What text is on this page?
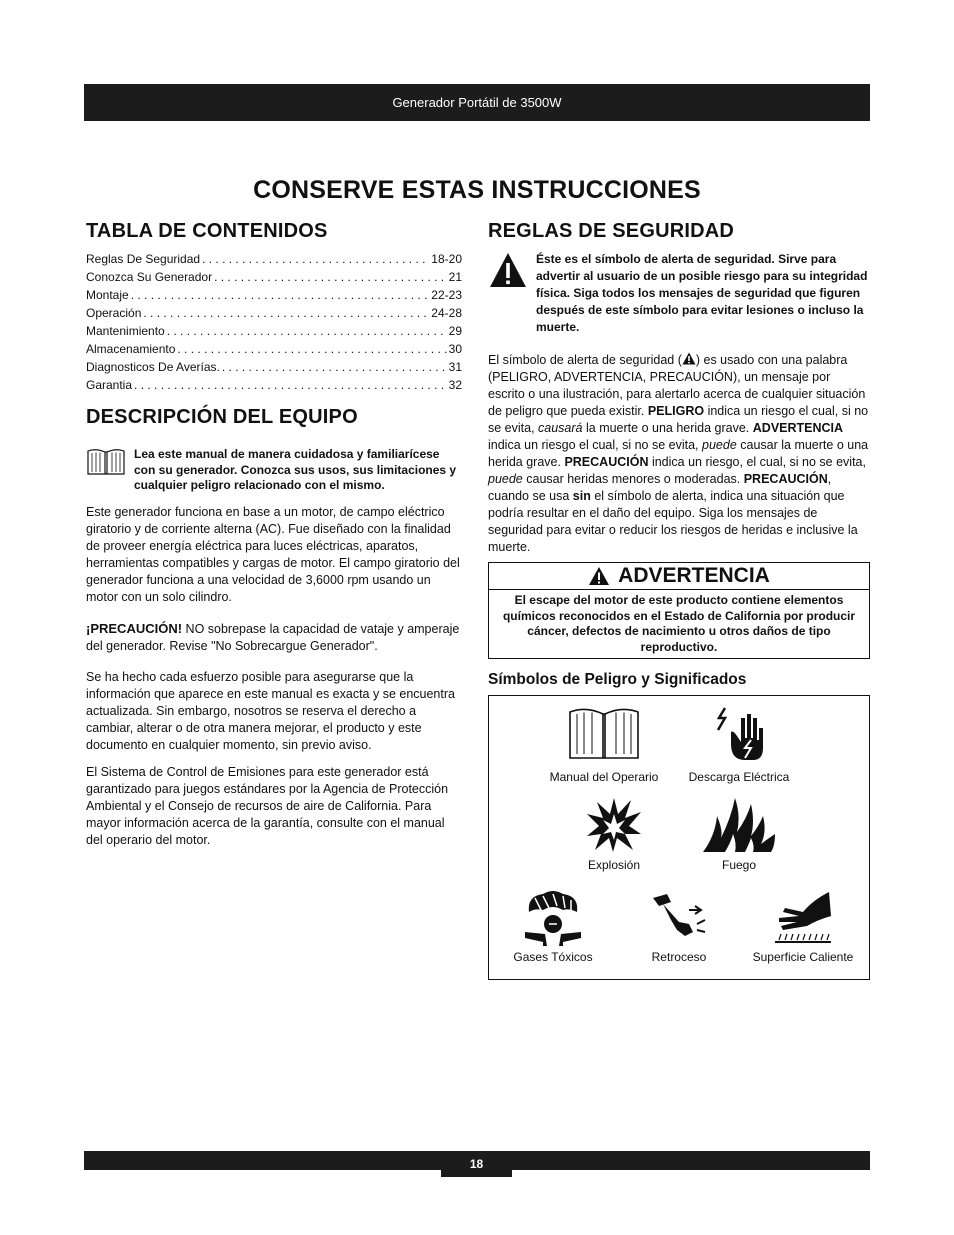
Generador Portátil de 3500W
CONSERVE ESTAS INSTRUCCIONES
TABLA DE CONTENIDOS
Reglas De Seguridad . . .	18-20
Conozca Su Generador . . .	21
Montaje . . .	22-23
Operación . . .	24-28
Mantenimiento . . .	29
Almacenamiento . . .	30
Diagnosticos De Averías. . . .	31
Garantia . . .	32
DESCRIPCIÓN DEL EQUIPO
Lea este manual de manera cuidadosa y familiarícese con su generador. Conozca sus usos, sus limitaciones y cualquier peligro relacionado con el mismo.

Este generador funciona en base a un motor, de campo eléctrico giratorio y de corriente alterna (AC). Fue diseñado con la finalidad de proveer energía eléctrica para luces eléctricas, aparatos, herramientas compatibles y cargas de motor. El campo giratorio del generador funciona a una velocidad de 3,6000 rpm usando un motor con un solo cilindro.

¡PRECAUCIÓN! NO sobrepase la capacidad de vataje y amperaje del generador. Revise "No Sobrecargue Generador".

Se ha hecho cada esfuerzo posible para asegurarse que la información que aparece en este manual es exacta y se encuentra actualizada. Sin embargo, nosotros se reserva el derecho a cambiar, alterar o de otra manera mejorar, el producto y este documento en cualquier momento, sin previo aviso.

El Sistema de Control de Emisiones para este generador está garantizado para juegos estándares por la Agencia de Protección Ambiental y el Consejo de recursos de aire de California. Para mayor información acerca de la garantía, consulte con el manual del operario del motor.

REGLAS DE SEGURIDAD
Éste es el símbolo de alerta de seguridad. Sirve para advertir al usuario de un posible riesgo para su integridad física. Siga todos los mensajes de seguridad que figuren después de este símbolo para evitar lesiones o incluso la muerte.

El símbolo de alerta de seguridad ( ) es usado con una palabra (PELIGRO, ADVERTENCIA, PRECAUCIÓN), un mensaje por escrito o una ilustración, para alertarlo acerca de cualquier situación de peligro que pueda existir. PELIGRO indica un riesgo el cual, si no se evita, causará la muerte o una herida grave. ADVERTENCIA indica un riesgo el cual, si no se evita, puede causar la muerte o una herida grave. PRECAUCIÓN indica un riesgo, el cual, si no se evita, puede causar heridas menores o moderadas. PRECAUCIÓN, cuando se usa sin el símbolo de alerta, indica una situación que podría resultar en el daño del equipo. Siga los mensajes de seguridad para evitar o reducir los riesgos de heridas e inclusive la muerte.

ADVERTENCIA
El escape del motor de este producto contiene elementos químicos reconocidos en el Estado de California por producir cáncer, defectos de nacimiento u otros daños de tipo reproductivo.
Símbolos de Peligro y Significados
Manual del Operario	Descarga Eléctrica
Explosión	Fuego
Gases Tóxicos	Retroceso	Superficie Caliente
18
